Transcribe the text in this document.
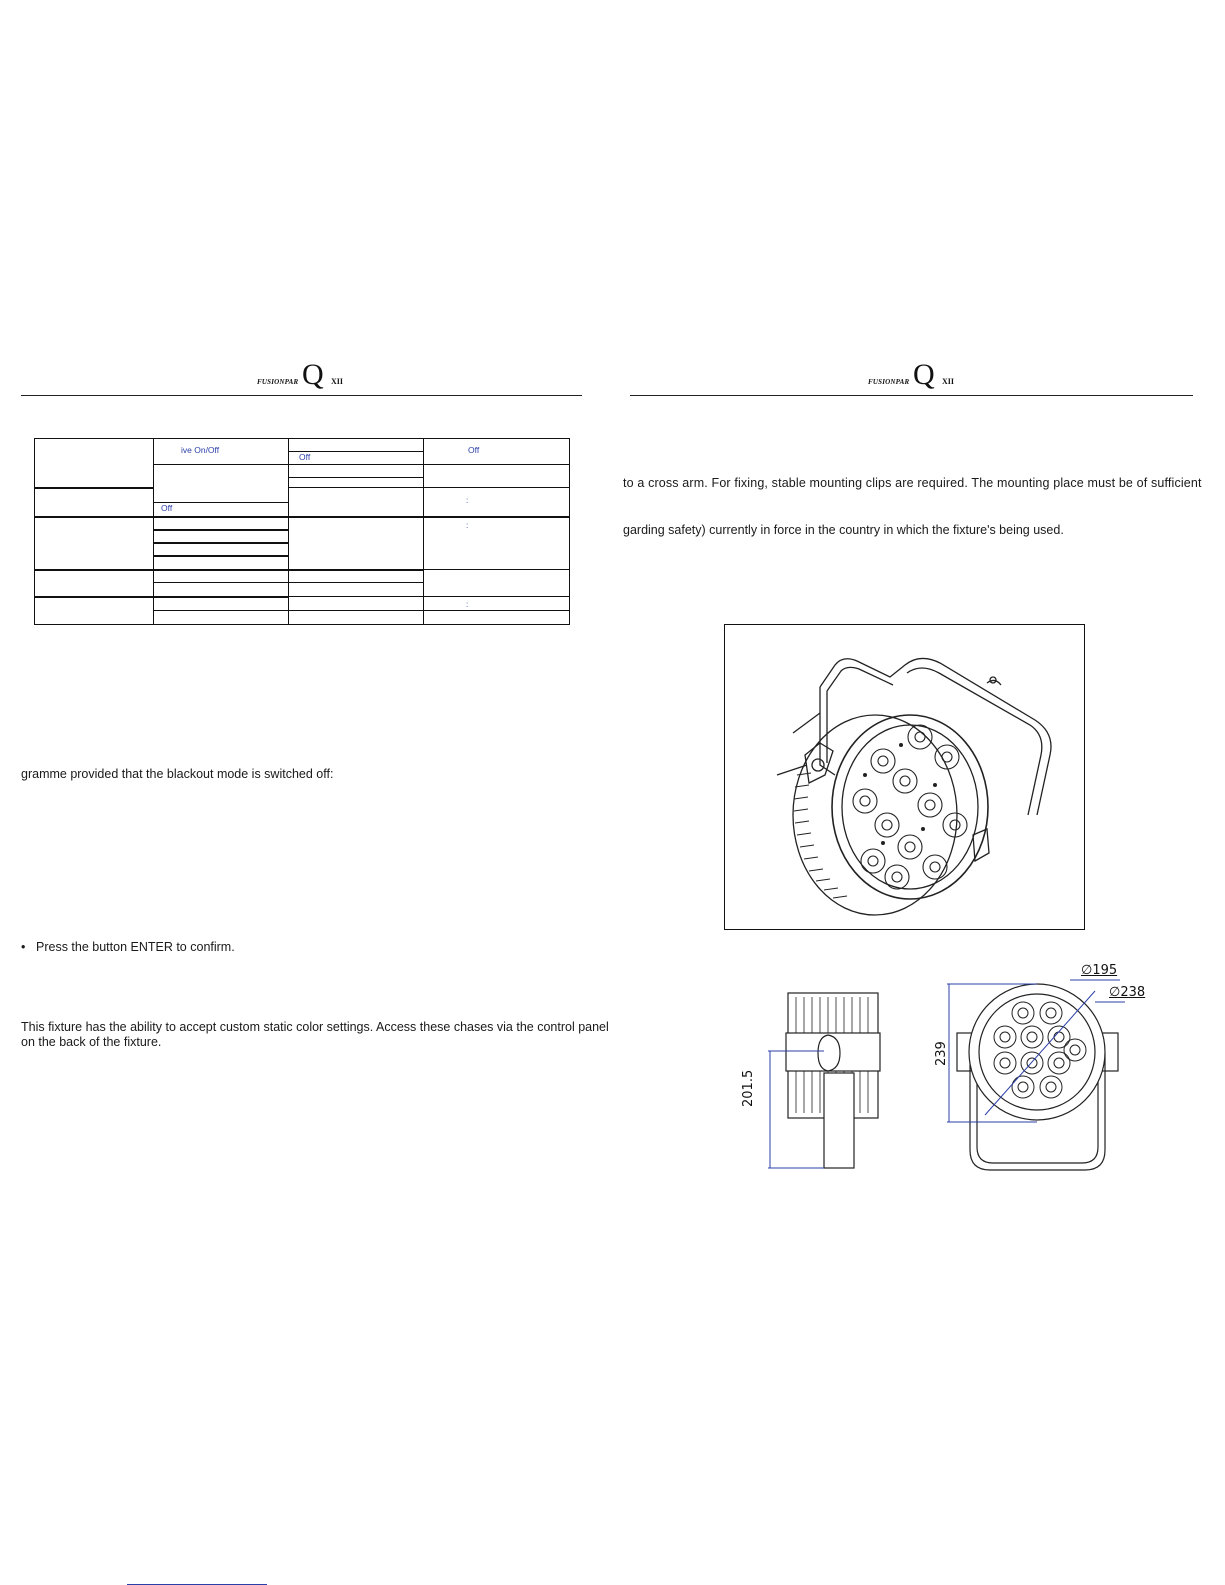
FUSIONPAR Q XII
ive On/Off
Off
Off
Off
:
:
:
gramme provided that the blackout mode is switched off:
• Press the button ENTER to confirm.
This fixture has the ability to accept custom static color settings. Access these chases via the control panel
on the back of the fixture.
FUSIONPAR Q XII
to a cross arm. For fixing, stable mounting clips are required. The mounting place must be of sufficient
garding safety) currently in force in the country in which the fixture's being used.
201.5
∅195
∅238
239
